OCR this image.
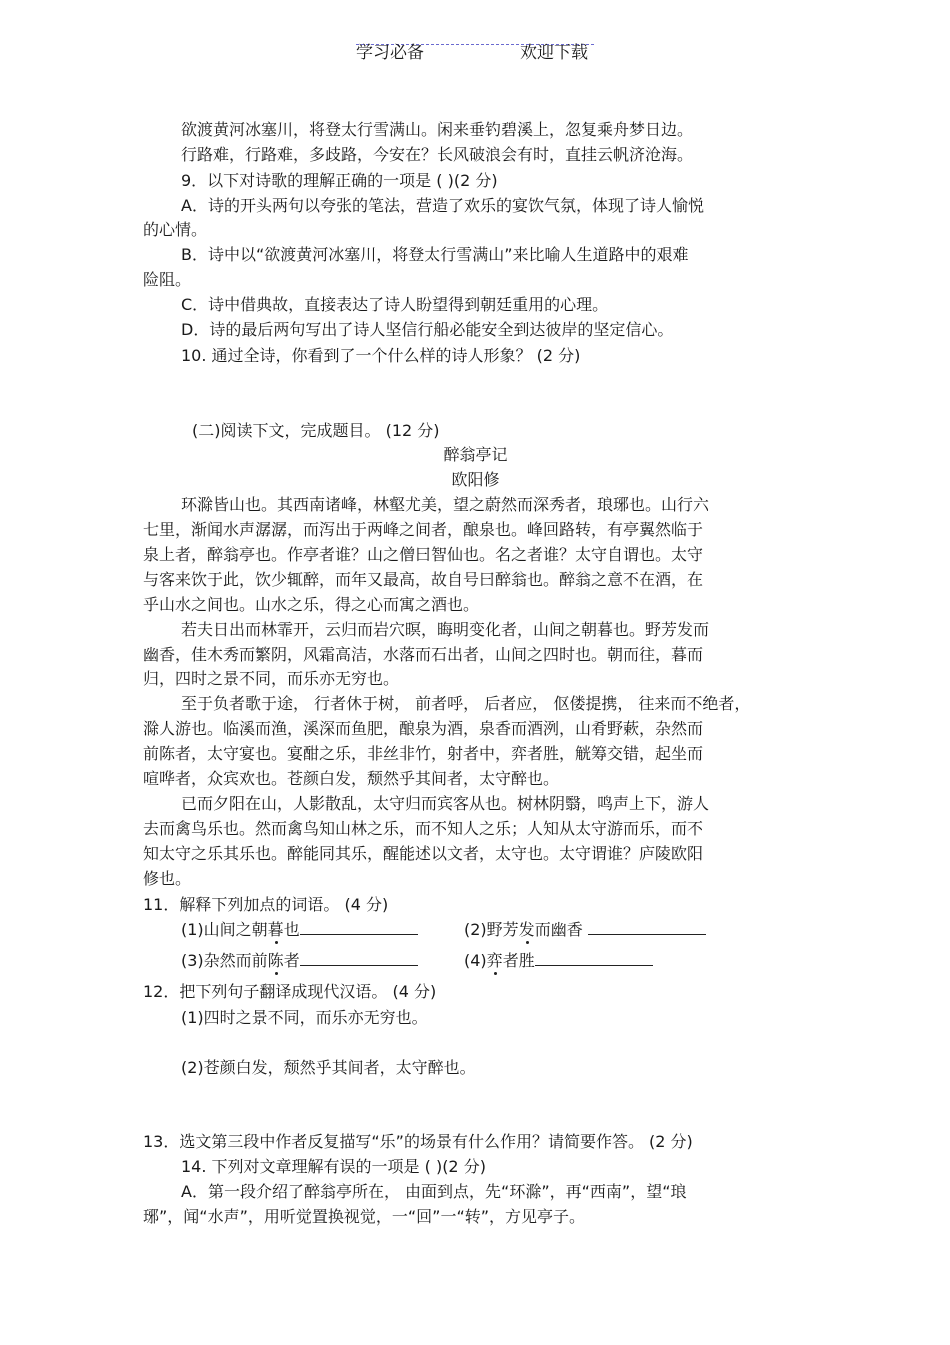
学习必备	欢迎下载
欲渡黄河冰塞川，将登太行雪满山。闲来垂钓碧溪上，忽复乘舟梦日边。
行路难，行路难，多歧路，今安在？长风破浪会有时，直挂云帆济沧海。
9．以下对诗歌的理解正确的一项是 ( )(2 分)
A．诗的开头两句以夸张的笔法，营造了欢乐的宴饮气氛，体现了诗人愉悦
的心情。
B．诗中以“欲渡黄河冰塞川，将登太行雪满山”来比喻人生道路中的艰难
险阻。
C．诗中借典故，直接表达了诗人盼望得到朝廷重用的心理。
D．诗的最后两句写出了诗人坚信行船必能安全到达彼岸的坚定信心。
10. 通过全诗，你看到了一个什么样的诗人形象？ (2 分)
(二)阅读下文，完成题目。 (12 分)
醉翁亭记
欧阳修
环滁皆山也。其西南诸峰，林壑尤美，望之蔚然而深秀者，琅琊也。山行六
七里，渐闻水声潺潺，而泻出于两峰之间者，酿泉也。峰回路转，有亭翼然临于
泉上者，醉翁亭也。作亭者谁？山之僧曰智仙也。名之者谁？太守自谓也。太守
与客来饮于此，饮少辄醉，而年又最高，故自号曰醉翁也。醉翁之意不在酒，在
乎山水之间也。山水之乐，得之心而寓之酒也。
若夫日出而林霏开，云归而岩穴暝，晦明变化者，山间之朝暮也。野芳发而
幽香，佳木秀而繁阴，风霜高洁，水落而石出者，山间之四时也。朝而往，暮而
归，四时之景不同，而乐亦无穷也。
至于负者歌于途， 行者休于树， 前者呼， 后者应， 伛偻提携， 往来而不绝者，
滁人游也。临溪而渔，溪深而鱼肥，酿泉为酒，泉香而酒洌，山肴野蔌，杂然而
前陈者，太守宴也。宴酣之乐，非丝非竹，射者中，弈者胜，觥筹交错，起坐而
喧哗者，众宾欢也。苍颜白发，颓然乎其间者，太守醉也。
已而夕阳在山，人影散乱，太守归而宾客从也。树林阴翳，鸣声上下，游人
去而禽鸟乐也。然而禽鸟知山林之乐，而不知人之乐；人知从太守游而乐，而不
知太守之乐其乐也。醉能同其乐，醒能述以文者，太守也。太守谓谁？庐陵欧阳
修也。
11．解释下列加点的词语。 (4 分)
(1)山间之朝暮也	(2)野芳发而幽香
(3)杂然而前陈者	(4)弈者胜
12．把下列句子翻译成现代汉语。 (4 分)
(1)四时之景不同，而乐亦无穷也。
(2)苍颜白发，颓然乎其间者，太守醉也。
13．选文第三段中作者反复描写“乐”的场景有什么作用？请简要作答。 (2 分)
14. 下列对文章理解有误的一项是 ( )(2 分)
A．第一段介绍了醉翁亭所在， 由面到点，先“环滁”，再“西南”，望“琅
琊”，闻“水声”，用听觉置换视觉，一“回”一“转”，方见亭子。
